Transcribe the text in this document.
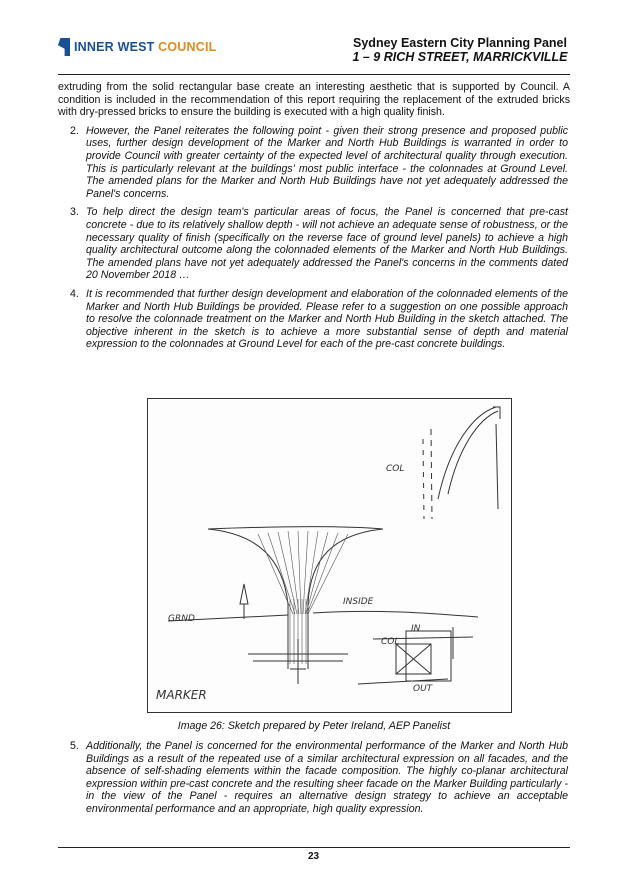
INNER WEST COUNCIL	Sydney Eastern City Planning Panel
1 – 9 RICH STREET, MARRICKVILLE

extruding from the solid rectangular base create an interesting aesthetic that is supported by Council. A condition is included in the recommendation of this report requiring the replacement of the extruded bricks with dry-pressed bricks to ensure the building is executed with a high quality finish.

2. However, the Panel reiterates the following point - given their strong presence and proposed public uses, further design development of the Marker and North Hub Buildings is warranted in order to provide Council with greater certainty of the expected level of architectural quality through execution. This is particularly relevant at the buildings' most public interface - the colonnades at Ground Level. The amended plans for the Marker and North Hub Buildings have not yet adequately addressed the Panel's concerns.
3. To help direct the design team's particular areas of focus, the Panel is concerned that pre-cast concrete - due to its relatively shallow depth - will not achieve an adequate sense of robustness, or the necessary quality of finish (specifically on the reverse face of ground level panels) to achieve a high quality architectural outcome along the colonnaded elements of the Marker and North Hub Buildings. The amended plans have not yet adequately addressed the Panel's concerns in the comments dated 20 November 2018 …
4. It is recommended that further design development and elaboration of the colonnaded elements of the Marker and North Hub Buildings be provided. Please refer to a suggestion on one possible approach to resolve the colonnade treatment on the Marker and North Hub Building in the sketch attached. The objective inherent in the sketch is to achieve a more substantial sense of depth and material expression to the colonnades at Ground Level for each of the pre-cast concrete buildings.
COL
INSIDE
GRND
IN
COL
MARKER	OUT
Image 26: Sketch prepared by Peter Ireland, AEP Panelist
5. Additionally, the Panel is concerned for the environmental performance of the Marker and North Hub Buildings as a result of the repeated use of a similar architectural expression on all facades, and the absence of self-shading elements within the facade composition. The highly co-planar architectural expression within pre-cast concrete and the resulting sheer facade on the Marker Building particularly - in the view of the Panel - requires an alternative design strategy to achieve an acceptable environmental performance and an appropriate, high quality expression.
23
